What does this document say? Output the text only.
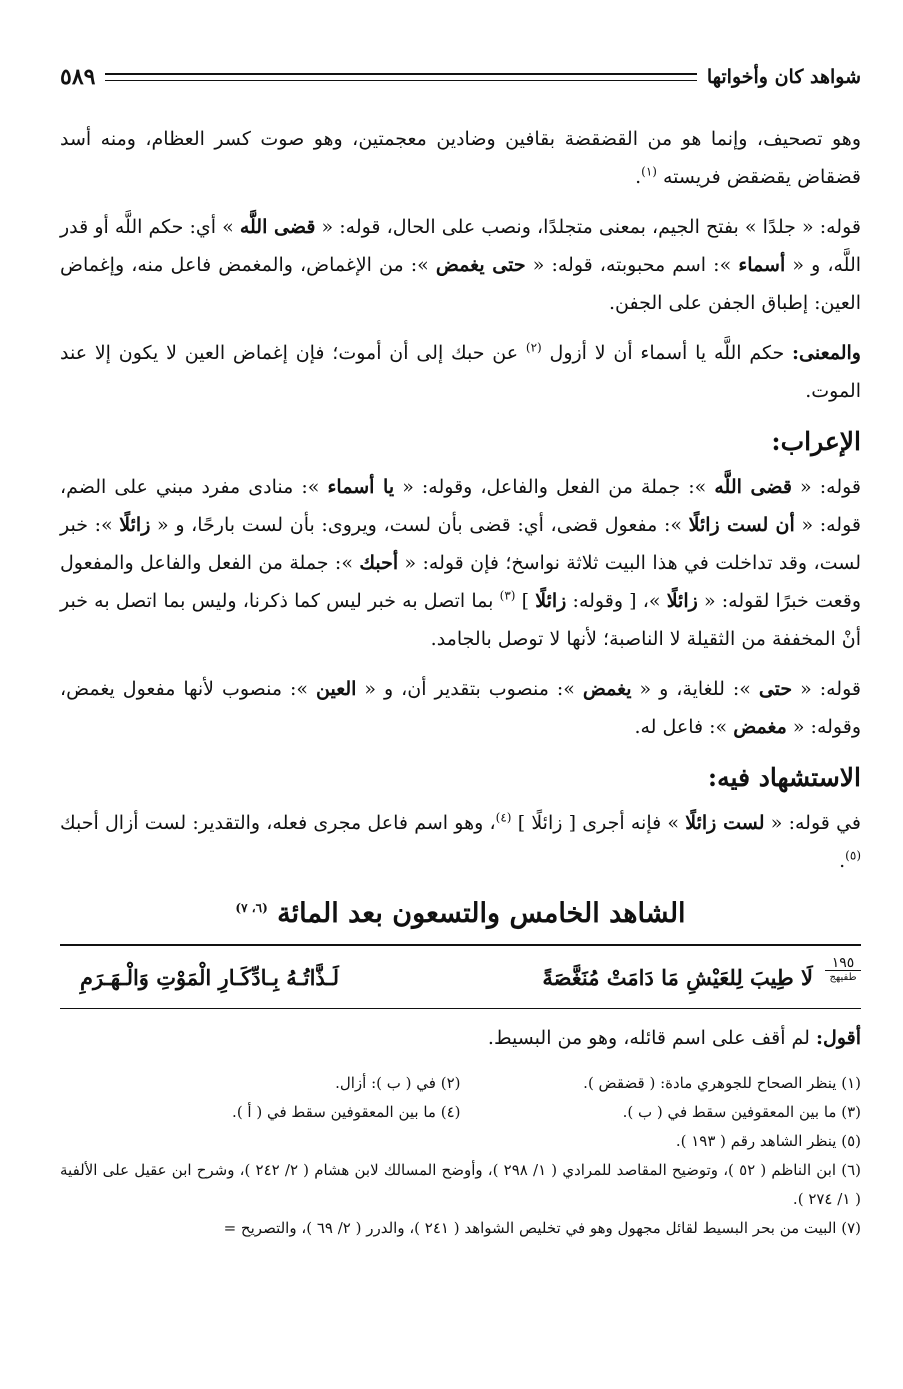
شواهد كان وأخواتها
٥٨٩

وهو تصحيف، وإنما هو من القضقضة بقافين وضادين معجمتين، وهو صوت كسر العظام، ومنه أسد قضقاض يقضقض فريسته $^{(١)}$.

قوله: « جلدًا » بفتح الجيم، بمعنى متجلدًا، ونصب على الحال، قوله: « قضى اللَّه » أي: حكم اللَّه أو قدر اللَّه، و « أسماء »: اسم محبوبته، قوله: « حتى يغمض »: من الإغماض، والمغمض فاعل منه، وإغماض العين: إطباق الجفن على الجفن.

والمعنى: حكم اللَّه يا أسماء أن لا أزول $^{(٢)}$ عن حبك إلى أن أموت؛ فإن إغماض العين لا يكون إلا عند الموت.

الإعراب:

قوله: « قضى اللَّه »: جملة من الفعل والفاعل، وقوله: « يا أسماء »: منادى مفرد مبني على الضم، قوله: « أن لست زائلًا »: مفعول قضى، أي: قضى بأن لست، ويروى: بأن لست بارحًا، و « زائلًا »: خبر لست، وقد تداخلت في هذا البيت ثلاثة نواسخ؛ فإن قوله: « أحبك »: جملة من الفعل والفاعل والمفعول وقعت خبرًا لقوله: « زائلًا »، [ وقوله: زائلًا ] $^{(٣)}$ بما اتصل به خبر ليس كما ذكرنا، وليس بما اتصل به خبر أنْ المخففة من الثقيلة لا الناصبة؛ لأنها لا توصل بالجامد.

قوله: « حتى »: للغاية، و « يغمض »: منصوب بتقدير أن، و « العين »: منصوب لأنها مفعول يغمض، وقوله: « مغمض »: فاعل له.

الاستشهاد فيه:

في قوله: « لست زائلًا » فإنه أجرى [ زائلًا ] $^{(٤)}$، وهو اسم فاعل مجرى فعله، والتقدير: لست أزال أحبك $^{(٥)}$.

الشاهد الخامس والتسعون بعد المائة $^{(٦، ٧)}$
١٩٥
طفيهج
لَا طِيبَ لِلعَيْشِ مَا دَامَتْ مُنَغَّصَةً
لَـذَّاتُـهُ بِـادِّكَـارِ الْمَوْتِ وَالْـهَـرَمِ

أقول: لم أقف على اسم قائله، وهو من البسيط.

(١) ينظر الصحاح للجوهري مادة: ( قضقض ).
(٢) في ( ب ): أزال.
(٣) ما بين المعقوفين سقط في ( ب ).
(٤) ما بين المعقوفين سقط في ( أ ).
(٥) ينظر الشاهد رقم ( ١٩٣ ).
(٦) ابن الناظم ( ٥٢ )، وتوضيح المقاصد للمرادي ( ١/ ٢٩٨ )، وأوضح المسالك لابن هشام ( ٢/ ٢٤٢ )، وشرح ابن عقيل على الألفية ( ١/ ٢٧٤ ).
(٧) البيت من بحر البسيط لقائل مجهول وهو في تخليص الشواهد ( ٢٤١ )، والدرر ( ٢/ ٦٩ )، والتصريح =
